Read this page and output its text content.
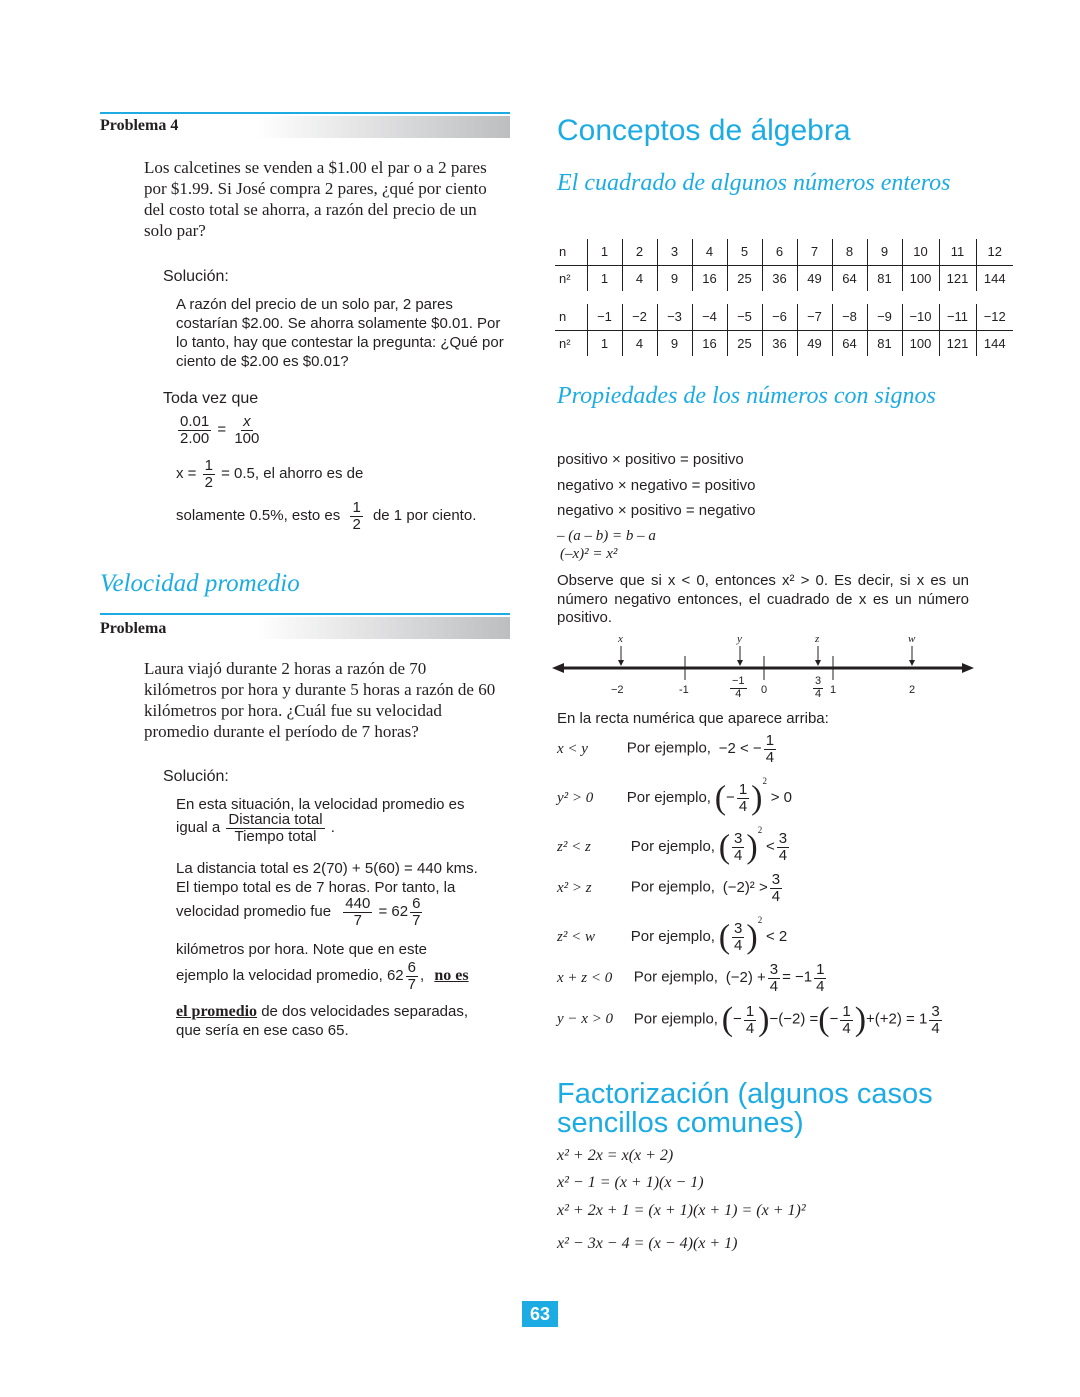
Problema 4
Los calcetines se venden a $1.00 el par o a 2 pares por $1.99. Si José compra 2 pares, ¿qué por ciento del costo total se ahorra, a razón del precio de un solo par?
Solución:
A razón del precio de un solo par, 2 pares costarían $2.00. Se ahorra solamente $0.01. Por lo tanto, hay que contestar la pregunta: ¿Qué por ciento de $2.00 es $0.01?
Toda vez que
$\frac{0.01}{2.00} = \frac{x}{100}$
$x = \frac{1}{2} = 0.5$, el ahorro es de
solamente 0.5%, esto es $\frac{1}{2}$ de 1 por ciento.
Velocidad promedio
Problema
Laura viajó durante 2 horas a razón de 70 kilómetros por hora y durante 5 horas a razón de 60 kilómetros por hora. ¿Cuál fue su velocidad promedio durante el período de 7 horas?
Solución:
En esta situación, la velocidad promedio es
igual a $\frac{\text{Distancia total}}{\text{Tiempo total}}$ .
La distancia total es 2(70) + 5(60) = 440 kms.
El tiempo total es de 7 horas. Por tanto, la
velocidad promedio fue $\frac{440}{7} = 62 \frac{6}{7}$
kilómetros por hora. Note que en este
ejemplo la velocidad promedio, $62 \frac{6}{7}$ , no es
el promedio de dos velocidades separadas,
que sería en ese caso 65.
Conceptos de álgebra
El cuadrado de algunos números enteros
n	1	2	3	4	5	6	7	8	9	10	11	12
n²	1	4	9	16	25	36	49	64	81	100	121	144
n	−1	−2	−3	−4	−5	−6	−7	−8	−9	−10	−11	−12
n²	1	4	9	16	25	36	49	64	81	100	121	144
Propiedades de los números con signos
positivo × positivo = positivo
negativo × negativo = positivo
negativo × positivo = negativo
– (a – b) = b – a
(–x)² = x²
Observe que si x < 0, entonces x² > 0. Es decir, si x es un número negativo entonces, el cuadrado de x es un número positivo.
x	y	z	w
−2	-1	0	1	2
$\frac{-1}{4}$	$\frac{3}{4}$
En la recta numérica que aparece arriba:
x < y	Por ejemplo, −2 < − $\frac{1}{4}$
y² > 0 Por ejemplo, (− $\frac{1}{4} )^2 > 0$
z² < z	Por ejemplo, ( $\frac{3}{4} )^2 < \frac{3}{4}$
x² > z	Por ejemplo, $(-2)^2 > \frac{3}{4}$
z² < w Por ejemplo, ( $\frac{3}{4} )^2 < 2$
x + z < 0 Por ejemplo, $(-2) + \frac{3}{4} = -1 \frac{1}{4}$
y − x > 0 Por ejemplo, (− $\frac{1}{4} )-(-2)$ =(− $\frac{1}{4} )+(+2) = 1 \frac{3}{4}$
Factorización (algunos casos sencillos comunes)
x² + 2x = x(x + 2)
x² − 1 = (x + 1)(x − 1)
x² + 2x + 1 = (x + 1)(x + 1) = (x + 1)²
x² − 3x − 4 = (x − 4)(x + 1)
63
